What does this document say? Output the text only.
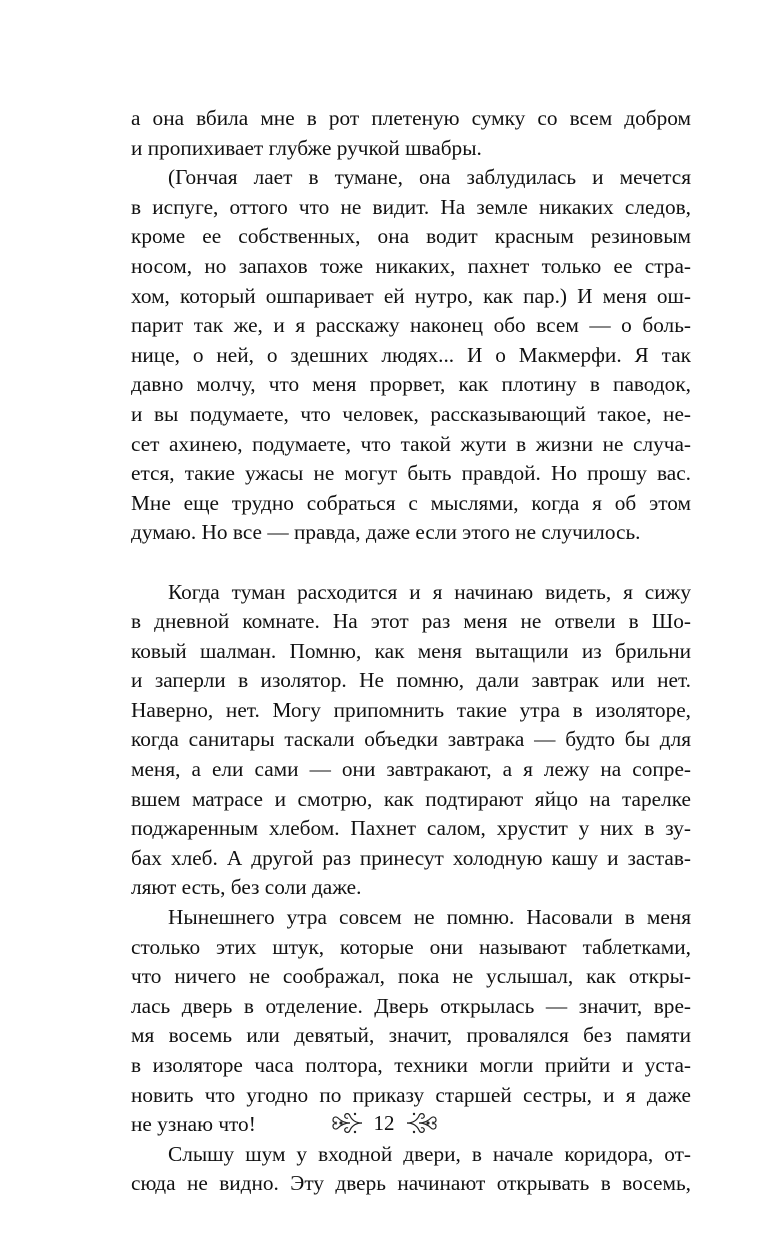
а она вбила мне в рот плетеную сумку со всем добром
и пропихивает глубже ручкой швабры.
(Гончая лает в тумане, она заблудилась и мечется
в испуге, оттого что не видит. На земле никаких следов,
кроме ее собственных, она водит красным резиновым
носом, но запахов тоже никаких, пахнет только ее стра-
хом, который ошпаривает ей нутро, как пар.) И меня ош-
парит так же, и я расскажу наконец обо всем — о боль-
нице, о ней, о здешних людях... И о Макмерфи. Я так
давно молчу, что меня прорвет, как плотину в паводок,
и вы подумаете, что человек, рассказывающий такое, не-
сет ахинею, подумаете, что такой жути в жизни не случа-
ется, такие ужасы не могут быть правдой. Но прошу вас.
Мне еще трудно собраться с мыслями, когда я об этом
думаю. Но все — правда, даже если этого не случилось.
Когда туман расходится и я начинаю видеть, я сижу
в дневной комнате. На этот раз меня не отвели в Шо-
ковый шалман. Помню, как меня вытащили из брильни
и заперли в изолятор. Не помню, дали завтрак или нет.
Наверно, нет. Могу припомнить такие утра в изоляторе,
когда санитары таскали объедки завтрака — будто бы для
меня, а ели сами — они завтракают, а я лежу на сопре-
вшем матрасе и смотрю, как подтирают яйцо на тарелке
поджаренным хлебом. Пахнет салом, хрустит у них в зу-
бах хлеб. А другой раз принесут холодную кашу и застав-
ляют есть, без соли даже.
Нынешнего утра совсем не помню. Насовали в меня
столько этих штук, которые они называют таблетками,
что ничего не соображал, пока не услышал, как откры-
лась дверь в отделение. Дверь открылась — значит, вре-
мя восемь или девятый, значит, провалялся без памяти
в изоляторе часа полтора, техники могли прийти и уста-
новить что угодно по приказу старшей сестры, и я даже
не узнаю что!
Слышу шум у входной двери, в начале коридора, от-
сюда не видно. Эту дверь начинают открывать в восемь,
12
